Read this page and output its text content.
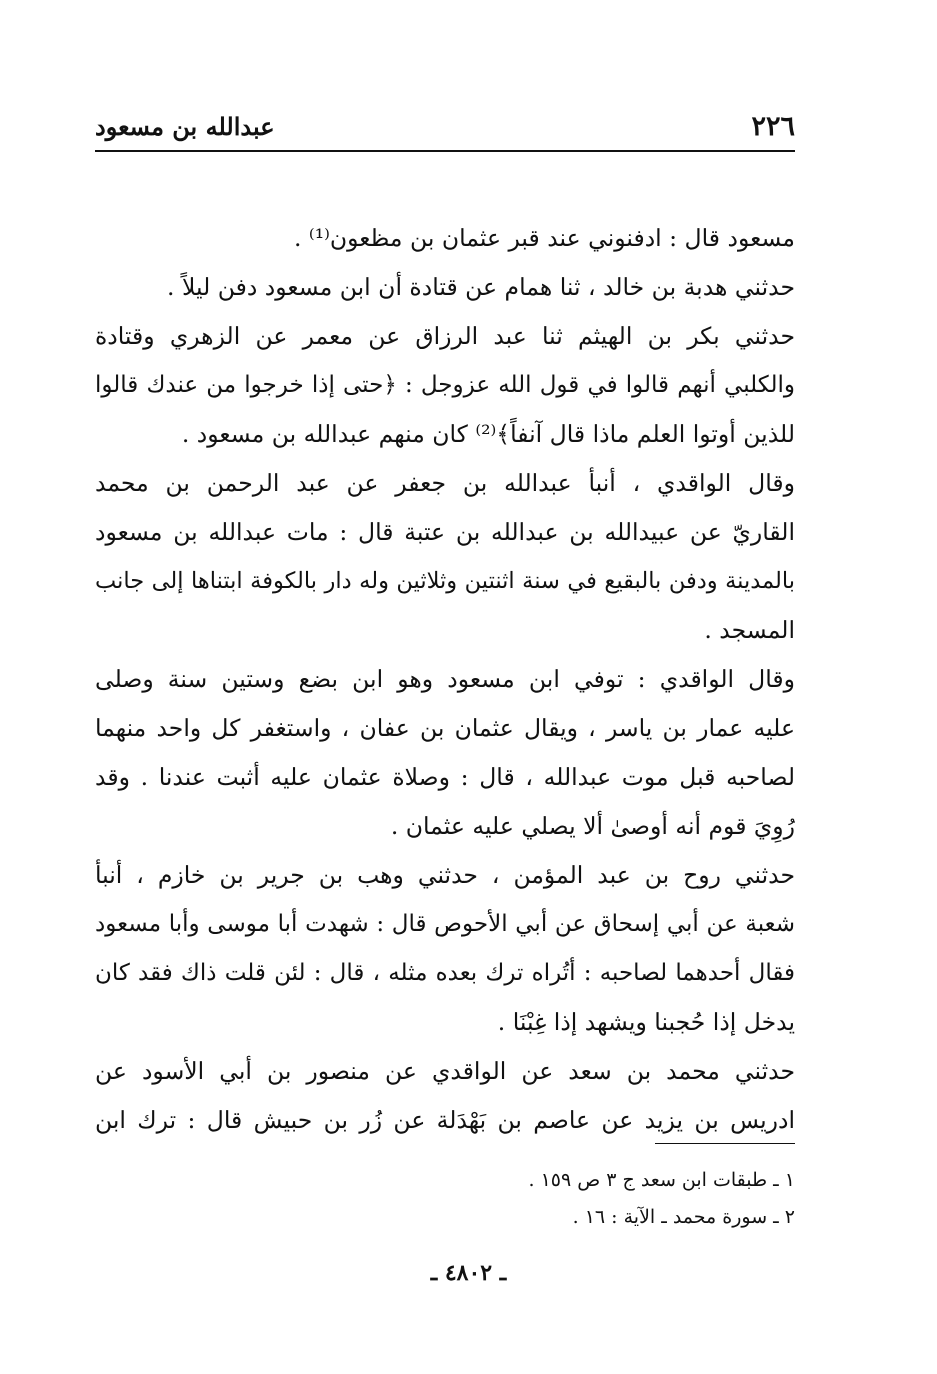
٢٢٦
عبدالله بن مسعود
مسعود قال : ادفنوني عند قبر عثمان بن مظعون⁽¹⁾ .
حدثني هدبة بن خالد ، ثنا همام عن قتادة أن ابن مسعود دفن ليلاً .
حدثني بكر بن الهيثم ثنا عبد الرزاق عن معمر عن الزهري وقتادة
والكلبي أنهم قالوا في قول الله عزوجل : ﴿حتى إذا خرجوا من عندك قالوا
للذين أوتوا العلم ماذا قال آنفاً﴾⁽²⁾ كان منهم عبدالله بن مسعود .
وقال الواقدي ، أنبأ عبدالله بن جعفر عن عبد الرحمن بن محمد
القاريّ عن عبيدالله بن عبدالله بن عتبة قال : مات عبدالله بن مسعود
بالمدينة ودفن بالبقيع في سنة اثنتين وثلاثين وله دار بالكوفة ابتناها إلى جانب
المسجد .
وقال الواقدي : توفي ابن مسعود وهو ابن بضع وستين سنة وصلى
عليه عمار بن ياسر ، ويقال عثمان بن عفان ، واستغفر كل واحد منهما
لصاحبه قبل موت عبدالله ، قال : وصلاة عثمان عليه أثبت عندنا . وقد
رُوِيَ قوم أنه أوصىٰ ألا يصلي عليه عثمان .
حدثني روح بن عبد المؤمن ، حدثني وهب بن جرير بن خازم ، أنبأ
شعبة عن أبي إسحاق عن أبي الأحوص قال : شهدت أبا موسى وأبا مسعود
فقال أحدهما لصاحبه : أتُراه ترك بعده مثله ، قال : لئن قلت ذاك فقد كان
يدخل إذا حُجبنا ويشهد إذا غِبْنَا .
حدثني محمد بن سعد عن الواقدي عن منصور بن أبي الأسود عن
ادريس بن يزيد عن عاصم بن بَهْدَلة عن زُر بن حبيش قال : ترك ابن
١ ـ طبقات ابن سعد ج ٣ ص ١٥٩ .
٢ ـ سورة محمد ـ الآية : ١٦ .
ـ ٤٨٠٢ ـ
